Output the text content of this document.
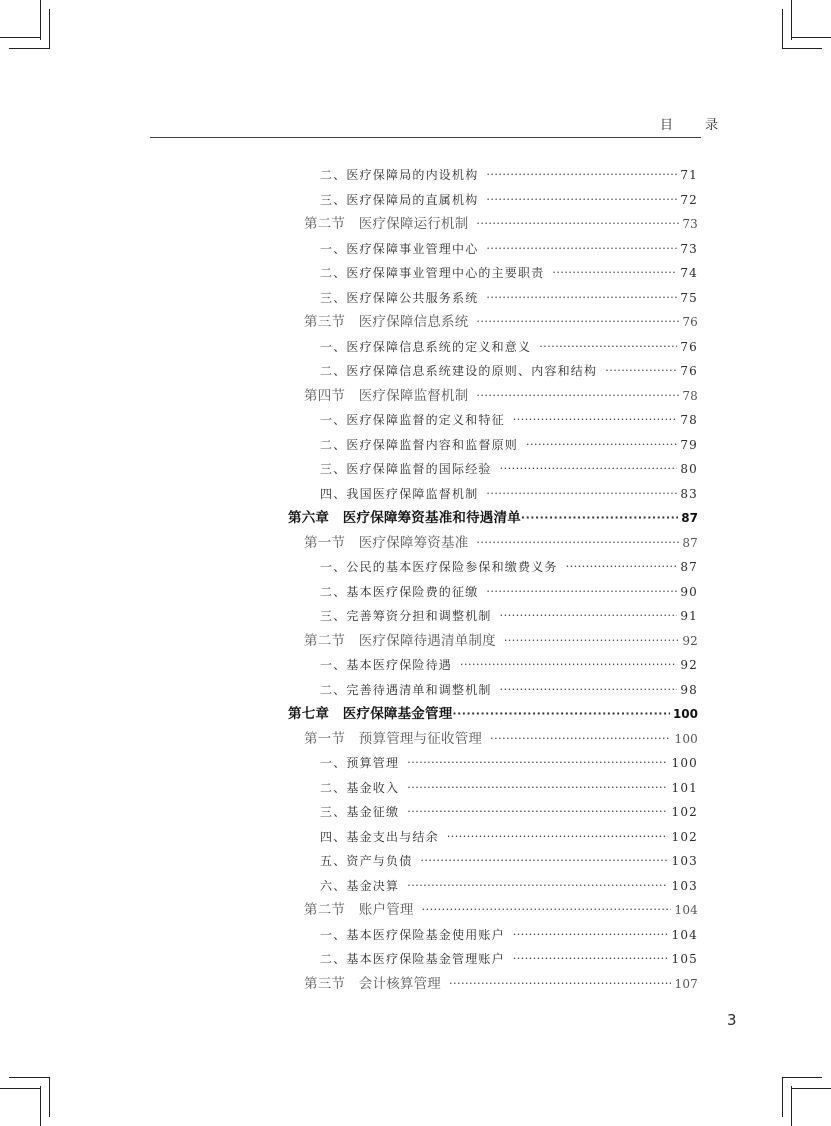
目 录
二、医疗保障局的内设机构 ·····	71
三、医疗保障局的直属机构 ·····	72
第二节　医疗保障运行机制 ·····	73
一、医疗保障事业管理中心 ·····	73
二、医疗保障事业管理中心的主要职责 ·····	74
三、医疗保障公共服务系统 ·····	75
第三节　医疗保障信息系统 ·····	76
一、医疗保障信息系统的定义和意义 ·····	76
二、医疗保障信息系统建设的原则、内容和结构 ·····	76
第四节　医疗保障监督机制 ·····	78
一、医疗保障监督的定义和特征 ·····	78
二、医疗保障监督内容和监督原则 ·····	79
三、医疗保障监督的国际经验 ·····	80
四、我国医疗保障监督机制 ·····	83
第六章　医疗保障筹资基准和待遇清单 ·····	87
第一节　医疗保障筹资基准 ·····	87
一、公民的基本医疗保险参保和缴费义务 ·····	87
二、基本医疗保险费的征缴 ·····	90
三、完善筹资分担和调整机制 ·····	91
第二节　医疗保障待遇清单制度 ·····	92
一、基本医疗保险待遇 ·····	92
二、完善待遇清单和调整机制 ·····	98
第七章　医疗保障基金管理 ·····	100
第一节　预算管理与征收管理 ·····	100
一、预算管理 ·····	100
二、基金收入 ·····	101
三、基金征缴 ·····	102
四、基金支出与结余 ·····	102
五、资产与负债 ·····	103
六、基金决算 ·····	103
第二节　账户管理 ·····	104
一、基本医疗保险基金使用账户 ·····	104
二、基本医疗保险基金管理账户 ·····	105
第三节　会计核算管理 ·····	107
3
